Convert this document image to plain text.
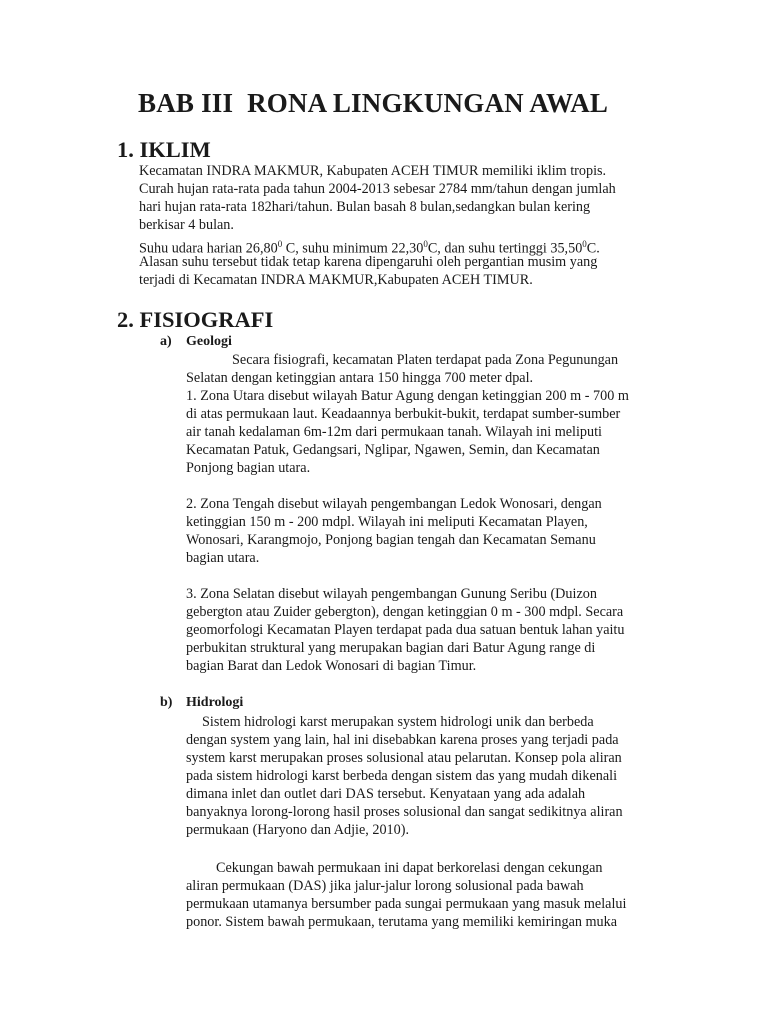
BAB III  RONA LINGKUNGAN AWAL
1. IKLIM

Kecamatan INDRA MAKMUR, Kabupaten ACEH TIMUR memiliki iklim tropis.

Curah hujan rata-rata pada tahun 2004-2013 sebesar 2784 mm/tahun dengan jumlah

hari hujan rata-rata 182hari/tahun. Bulan basah 8 bulan,sedangkan bulan kering

berkisar 4 bulan.

Suhu udara harian 26,80$^0$ C, suhu minimum 22,30$^0$C, dan suhu tertinggi 35,50$^0$C.

Alasan suhu tersebut tidak tetap karena dipengaruhi oleh pergantian musim yang

terjadi di Kecamatan INDRA MAKMUR,Kabupaten ACEH TIMUR.

2. FISIOGRAFI
a) Geologi

Secara fisiografi, kecamatan Platen terdapat pada Zona Pegunungan

Selatan dengan ketinggian antara 150 hingga 700 meter dpal.

1. Zona Utara disebut wilayah Batur Agung dengan ketinggian 200 m - 700 m

di atas permukaan laut. Keadaannya berbukit-bukit, terdapat sumber-sumber

air tanah kedalaman 6m-12m dari permukaan tanah. Wilayah ini meliputi

Kecamatan Patuk, Gedangsari, Nglipar, Ngawen, Semin, dan Kecamatan

Ponjong bagian utara.

2. Zona Tengah disebut wilayah pengembangan Ledok Wonosari, dengan

ketinggian 150 m - 200 mdpl. Wilayah ini meliputi Kecamatan Playen,

Wonosari, Karangmojo, Ponjong bagian tengah dan Kecamatan Semanu

bagian utara.

3. Zona Selatan disebut wilayah pengembangan Gunung Seribu (Duizon

gebergton atau Zuider gebergton), dengan ketinggian 0 m - 300 mdpl. Secara

geomorfologi Kecamatan Playen terdapat pada dua satuan bentuk lahan yaitu

perbukitan struktural yang merupakan bagian dari Batur Agung range di

bagian Barat dan Ledok Wonosari di bagian Timur.

b) Hidrologi

Sistem hidrologi karst merupakan system hidrologi unik dan berbeda

dengan system yang lain, hal ini disebabkan karena proses yang terjadi pada

system karst merupakan proses solusional atau pelarutan. Konsep pola aliran

pada sistem hidrologi karst berbeda dengan sistem das yang mudah dikenali

dimana inlet dan outlet dari DAS tersebut. Kenyataan yang ada adalah

banyaknya lorong-lorong hasil proses solusional dan sangat sedikitnya aliran

permukaan (Haryono dan Adjie, 2010).

Cekungan bawah permukaan ini dapat berkorelasi dengan cekungan

aliran permukaan (DAS) jika jalur-jalur lorong solusional pada bawah

permukaan utamanya bersumber pada sungai permukaan yang masuk melalui

ponor. Sistem bawah permukaan, terutama yang memiliki kemiringan muka
